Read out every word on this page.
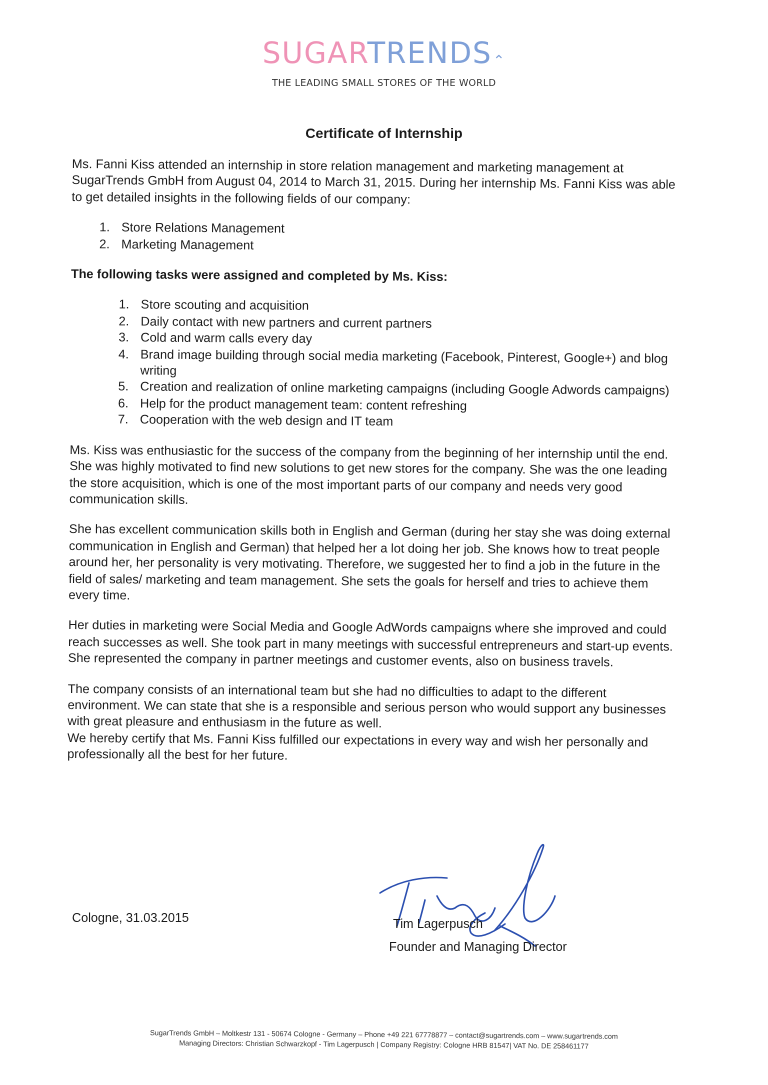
SUGARTRENDS⌃
THE LEADING SMALL STORES OF THE WORLD
Certificate of Internship

Ms. Fanni Kiss attended an internship in store relation management and marketing management at SugarTrends GmbH from August 04, 2014 to March 31, 2015. During her internship Ms. Fanni Kiss was able to get detailed insights in the following fields of our company:

1. Store Relations Management
2. Marketing Management

The following tasks were assigned and completed by Ms. Kiss:

1. Store scouting and acquisition
2. Daily contact with new partners and current partners
3. Cold and warm calls every day
4. Brand image building through social media marketing (Facebook, Pinterest, Google+) and blog writing
5. Creation and realization of online marketing campaigns (including Google Adwords campaigns)
6. Help for the product management team: content refreshing
7. Cooperation with the web design and IT team

Ms. Kiss was enthusiastic for the success of the company from the beginning of her internship until the end. She was highly motivated to find new solutions to get new stores for the company. She was the one leading the store acquisition, which is one of the most important parts of our company and needs very good communication skills.

She has excellent communication skills both in English and German (during her stay she was doing external communication in English and German) that helped her a lot doing her job. She knows how to treat people around her, her personality is very motivating. Therefore, we suggested her to find a job in the future in the field of sales/ marketing and team management. She sets the goals for herself and tries to achieve them every time.

Her duties in marketing were Social Media and Google AdWords campaigns where she improved and could reach successes as well. She took part in many meetings with successful entrepreneurs and start-up events. She represented the company in partner meetings and customer events, also on business travels.

The company consists of an international team but she had no difficulties to adapt to the different environment. We can state that she is a responsible and serious person who would support any businesses with great pleasure and enthusiasm in the future as well.

We hereby certify that Ms. Fanni Kiss fulfilled our expectations in every way and wish her personally and professionally all the best for her future.

Cologne, 31.03.2015	Tim Lagerpusch
Founder and Managing Director
SugarTrends GmbH – Moltkestr 131 - 50674 Cologne - Germany – Phone +49 221 67778877 – contact@sugartrends.com – www.sugartrends.com
Managing Directors: Christian Schwarzkopf - Tim Lagerpusch | Company Registry: Cologne HRB 81547| VAT No. DE 258461177
